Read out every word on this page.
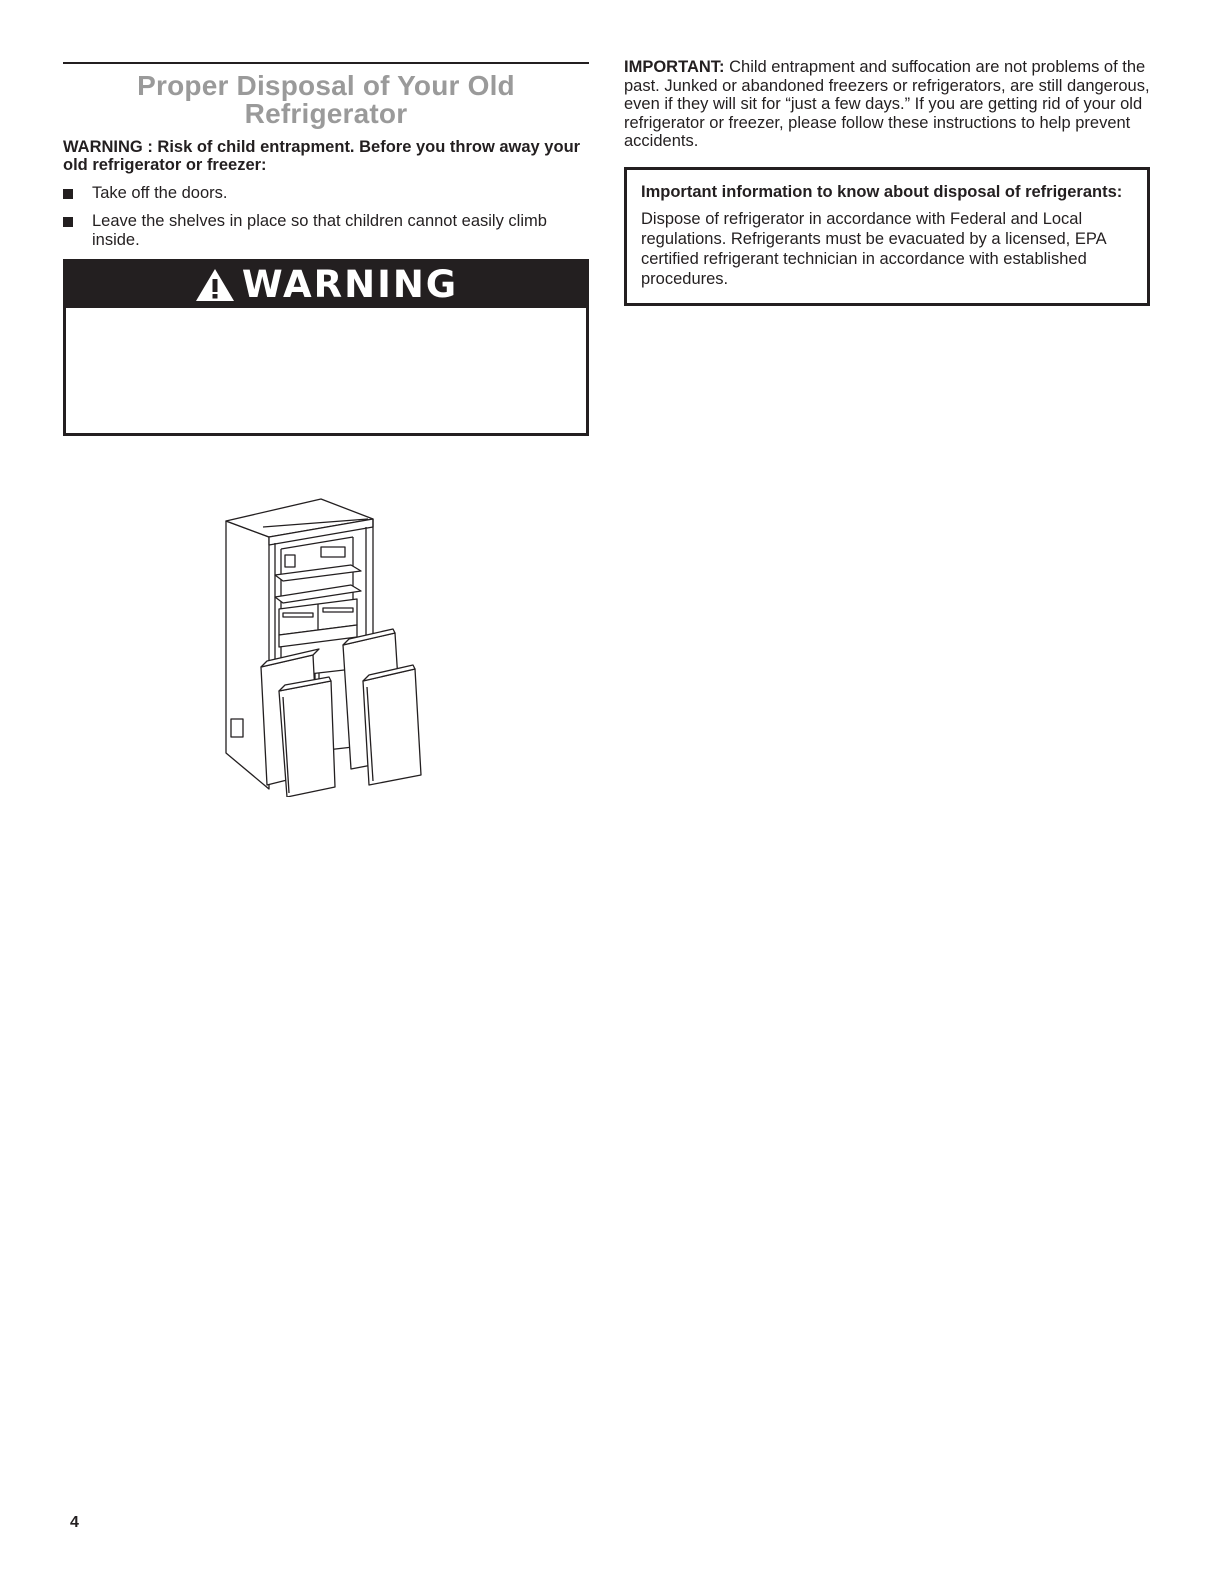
Proper Disposal of Your Old Refrigerator

WARNING : Risk of child entrapment. Before you throw away your old refrigerator or freezer:

Take off the doors.
Leave the shelves in place so that children cannot easily climb inside.
WARNING

IMPORTANT: Child entrapment and suffocation are not problems of the past. Junked or abandoned freezers or refrigerators, are still dangerous, even if they will sit for “just a few days.” If you are getting rid of your old refrigerator or freezer, please follow these instructions to help prevent accidents.

Important information to know about disposal of refrigerants:

Dispose of refrigerator in accordance with Federal and Local regulations. Refrigerants must be evacuated by a licensed, EPA certified refrigerant technician in accordance with established procedures.

4
